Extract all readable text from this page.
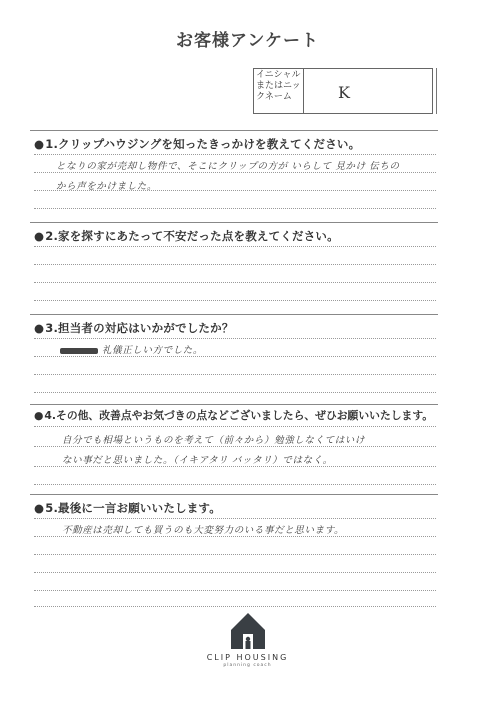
お客様アンケート
イニシャルまたはニックネーム	K
●1.クリップハウジングを知ったきっかけを教えてください。
となりの家が売却し物件で、そこにクリップの方が いらして 見かけ 伝ちの
から声をかけました。
●2.家を探すにあたって不安だった点を教えてください。
●3.担当者の対応はいかがでしたか？
礼儀正しい方でした。
●4.その他、改善点やお気づきの点などございましたら、ぜひお願いいたします。
自分でも相場というものを考えて（前々から）勉強しなくてはいけ
ない事だと思いました。（イキアタリ バッタリ）ではなく。
●5.最後に一言お願いいたします。
不動産は売却しても買うのも大変努力のいる事だと思います。
CLIP HOUSING
planning coach
